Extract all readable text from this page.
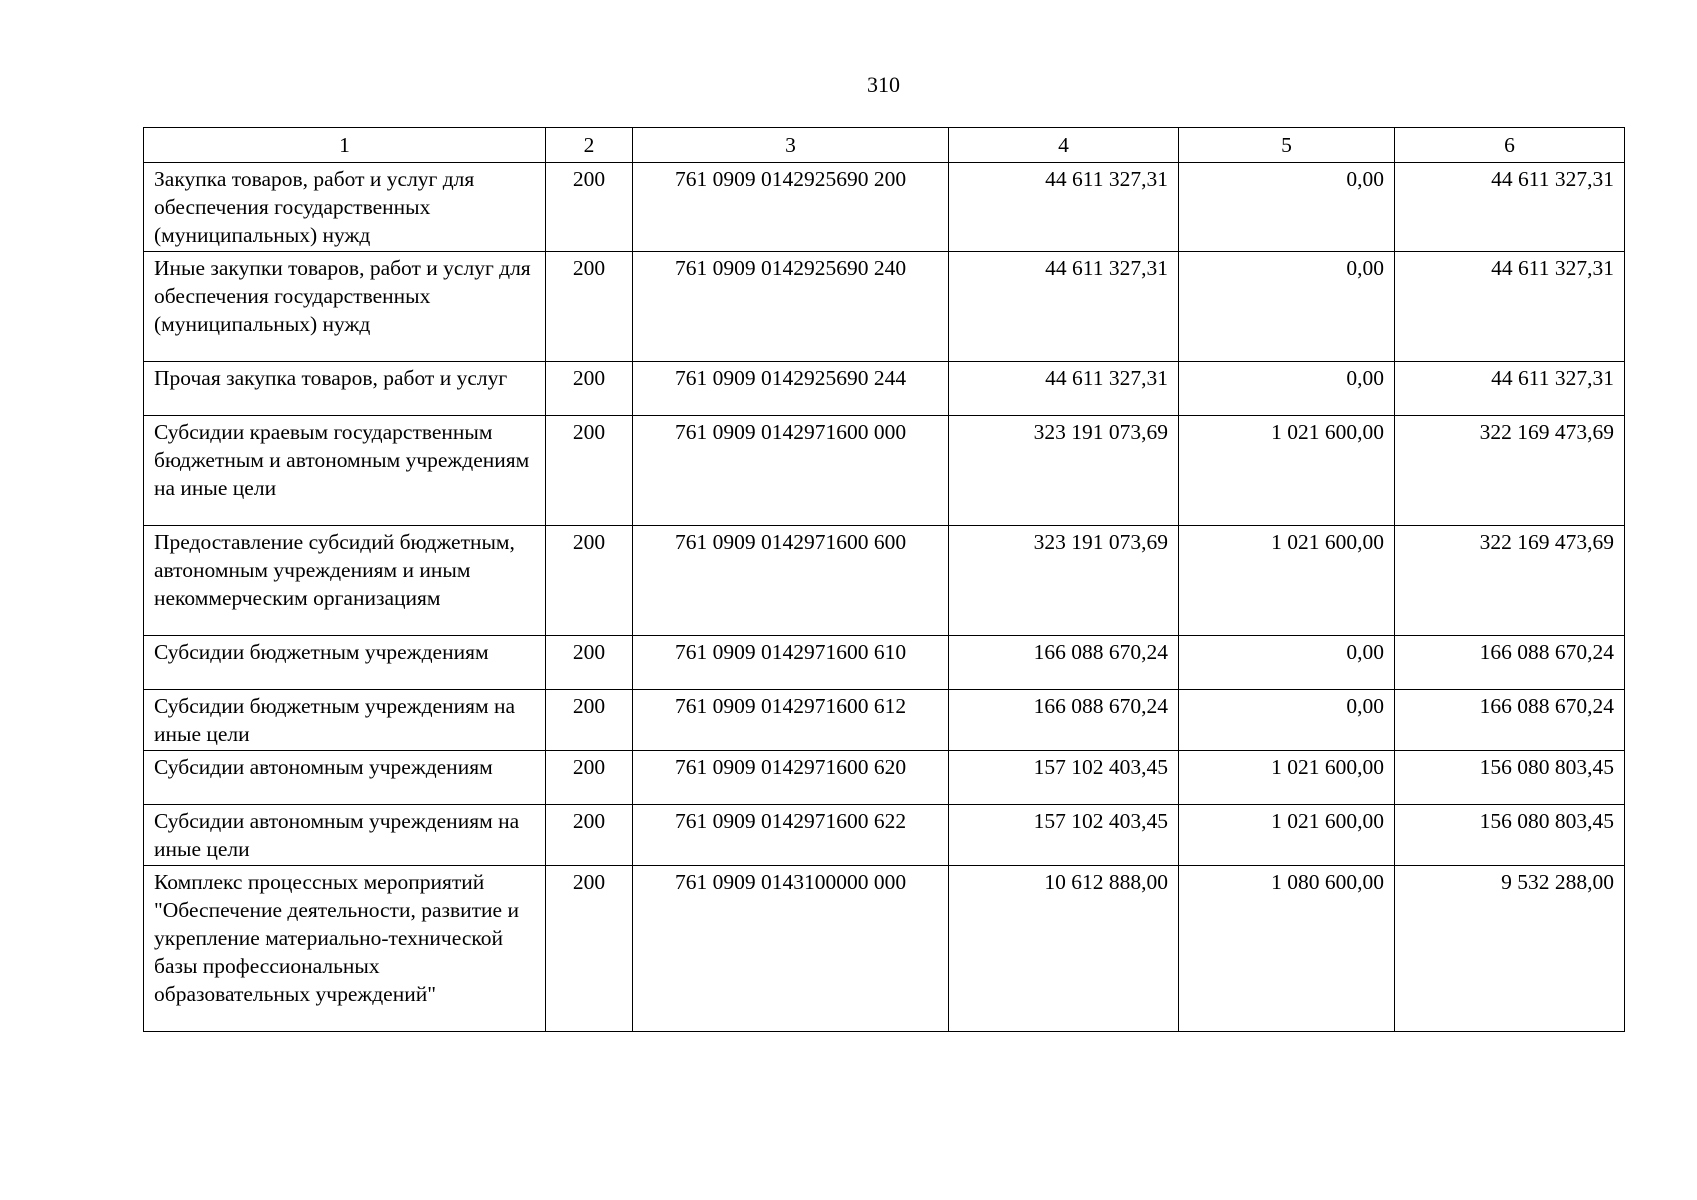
310
1	2	3	4	5	6
Закупка товаров, работ и услуг для обеспечения государственных (муниципальных) нужд	200	761 0909 0142925690 200	44 611 327,31	0,00	44 611 327,31
Иные закупки товаров, работ и услуг для обеспечения государственных (муниципальных) нужд	200	761 0909 0142925690 240	44 611 327,31	0,00	44 611 327,31
Прочая закупка товаров, работ и услуг	200	761 0909 0142925690 244	44 611 327,31	0,00	44 611 327,31
Субсидии краевым государственным бюджетным и автономным учреждениям на иные цели	200	761 0909 0142971600 000	323 191 073,69	1 021 600,00	322 169 473,69
Предоставление субсидий бюджетным, автономным учреждениям и иным некоммерческим организациям	200	761 0909 0142971600 600	323 191 073,69	1 021 600,00	322 169 473,69
Субсидии бюджетным учреждениям	200	761 0909 0142971600 610	166 088 670,24	0,00	166 088 670,24
Субсидии бюджетным учреждениям на иные цели	200	761 0909 0142971600 612	166 088 670,24	0,00	166 088 670,24
Субсидии автономным учреждениям	200	761 0909 0142971600 620	157 102 403,45	1 021 600,00	156 080 803,45
Субсидии автономным учреждениям на иные цели	200	761 0909 0142971600 622	157 102 403,45	1 021 600,00	156 080 803,45
Комплекс процессных мероприятий "Обеспечение деятельности, развитие и укрепление материально-технической базы профессиональных образовательных учреждений"	200	761 0909 0143100000 000	10 612 888,00	1 080 600,00	9 532 288,00
